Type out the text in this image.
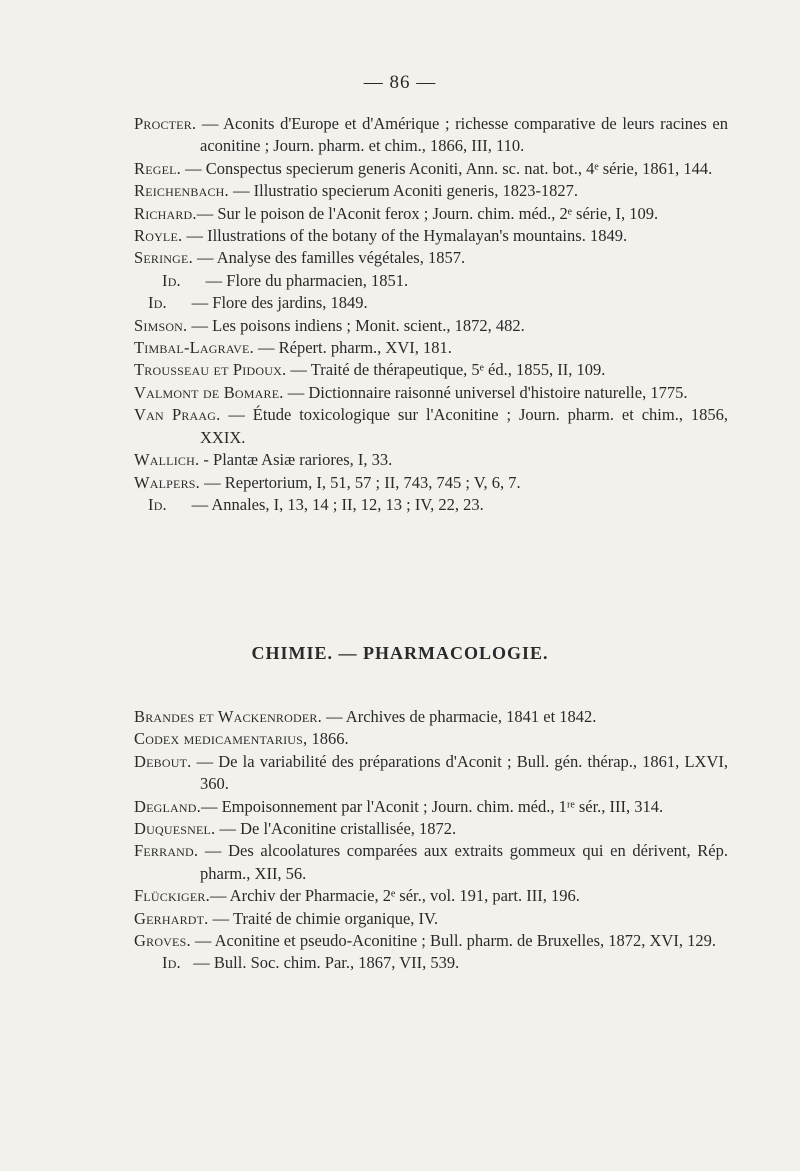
— 86 —
Procter. — Aconits d'Europe et d'Amérique ; richesse comparative de leurs racines en aconitine ; Journ. pharm. et chim., 1866, III, 110.
Regel. — Conspectus specierum generis Aconiti, Ann. sc. nat. bot., 4ᵉ série, 1861, 144.
Reichenbach. — Illustratio specierum Aconiti generis, 1823-1827.
Richard.— Sur le poison de l'Aconit ferox ; Journ. chim. méd., 2ᵉ série, I, 109.
Royle. — Illustrations of the botany of the Hymalayan's mountains. 1849.
Seringe. — Analyse des familles végétales, 1857.
Id.      — Flore du pharmacien, 1851.
Id.      — Flore des jardins, 1849.
Simson. — Les poisons indiens ; Monit. scient., 1872, 482.
Timbal-Lagrave. — Répert. pharm., XVI, 181.
Trousseau et Pidoux. — Traité de thérapeutique, 5ᵉ éd., 1855, II, 109.
Valmont de Bomare. — Dictionnaire raisonné universel d'histoire naturelle, 1775.
Van Praag. — Étude toxicologique sur l'Aconitine ; Journ. pharm. et chim., 1856, XXIX.
Wallich. - Plantæ Asiæ rariores, I, 33.
Walpers. — Repertorium, I, 51, 57 ; II, 743, 745 ; V, 6, 7.
Id.      — Annales, I, 13, 14 ; II, 12, 13 ; IV, 22, 23.
CHIMIE. — PHARMACOLOGIE.
Brandes et Wackenroder. — Archives de pharmacie, 1841 et 1842.
Codex medicamentarius, 1866.
Debout. — De la variabilité des préparations d'Aconit ; Bull. gén. thérap., 1861, LXVI, 360.
Degland.— Empoisonnement par l'Aconit ; Journ. chim. méd., 1ʳᵉ sér., III, 314.
Duquesnel. — De l'Aconitine cristallisée, 1872.
Ferrand. — Des alcoolatures comparées aux extraits gommeux qui en dérivent, Rép. pharm., XII, 56.
Flückiger.— Archiv der Pharmacie, 2ᵉ sér., vol. 191, part. III, 196.
Gerhardt. — Traité de chimie organique, IV.
Groves. — Aconitine et pseudo-Aconitine ; Bull. pharm. de Bruxelles, 1872, XVI, 129.
Id.   — Bull. Soc. chim. Par., 1867, VII, 539.
